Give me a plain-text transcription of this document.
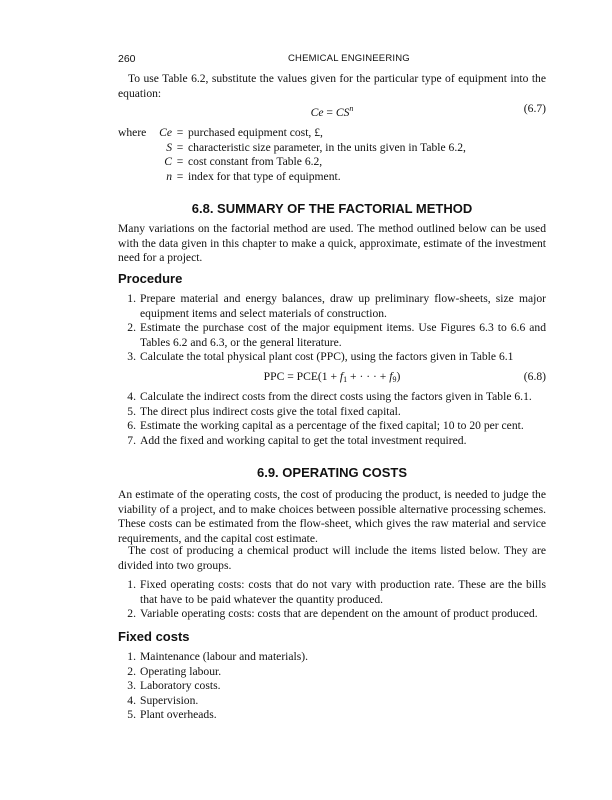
260	CHEMICAL ENGINEERING

To use Table 6.2, substitute the values given for the particular type of equipment into the equation:

$Ce = CS^n$	(6.7)
where	Ce = purchased equipment cost, £,
S = characteristic size parameter, in the units given in Table 6.2,
C = cost constant from Table 6.2,
n = index for that type of equipment.
6.8. SUMMARY OF THE FACTORIAL METHOD

Many variations on the factorial method are used. The method outlined below can be used with the data given in this chapter to make a quick, approximate, estimate of the investment need for a project.

Procedure
1. Prepare material and energy balances, draw up preliminary flow-sheets, size major equipment items and select materials of construction.
2. Estimate the purchase cost of the major equipment items. Use Figures 6.3 to 6.6 and Tables 6.2 and 6.3, or the general literature.
3. Calculate the total physical plant cost (PPC), using the factors given in Table 6.1
PPC = $PCE(1 + f_1$ + · · · + $f_9$)	(6.8)
4. Calculate the indirect costs from the direct costs using the factors given in Table 6.1.
5. The direct plus indirect costs give the total fixed capital.
6. Estimate the working capital as a percentage of the fixed capital; 10 to 20 per cent.
7. Add the fixed and working capital to get the total investment required.
6.9. OPERATING COSTS

An estimate of the operating costs, the cost of producing the product, is needed to judge the viability of a project, and to make choices between possible alternative processing schemes. These costs can be estimated from the flow-sheet, which gives the raw material and service requirements, and the capital cost estimate.

The cost of producing a chemical product will include the items listed below. They are divided into two groups.

1. Fixed operating costs: costs that do not vary with production rate. These are the bills that have to be paid whatever the quantity produced.
2. Variable operating costs: costs that are dependent on the amount of product produced.
Fixed costs
1. Maintenance (labour and materials).
2. Operating labour.
3. Laboratory costs.
4. Supervision.
5. Plant overheads.
